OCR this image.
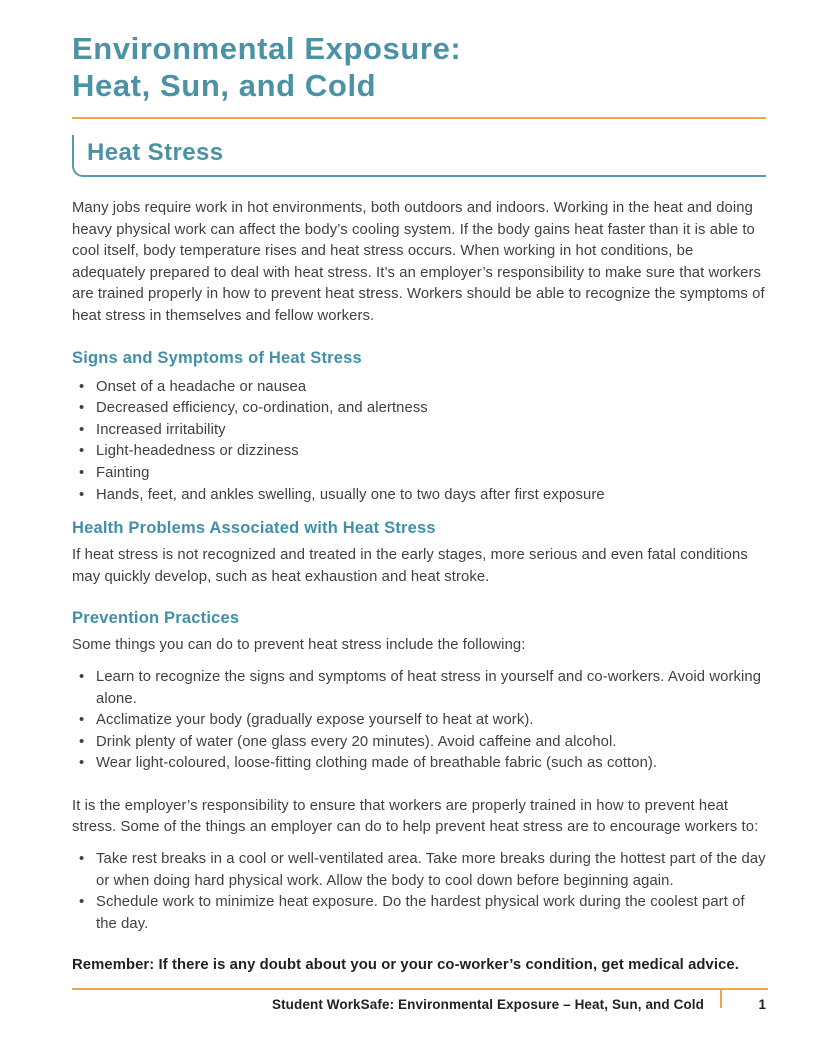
Environmental Exposure:
Heat, Sun, and Cold
Heat Stress

Many jobs require work in hot environments, both outdoors and indoors. Working in the heat and doing heavy physical work can affect the body’s cooling system. If the body gains heat faster than it is able to cool itself, body temperature rises and heat stress occurs. When working in hot conditions, be adequately prepared to deal with heat stress. It’s an employer’s responsibility to make sure that workers are trained properly in how to prevent heat stress. Workers should be able to recognize the symptoms of heat stress in themselves and fellow workers.

Signs and Symptoms of Heat Stress
• Onset of a headache or nausea
• Decreased efficiency, co-ordination, and alertness
• Increased irritability
• Light-headedness or dizziness
• Fainting
• Hands, feet, and ankles swelling, usually one to two days after first exposure
Health Problems Associated with Heat Stress

If heat stress is not recognized and treated in the early stages, more serious and even fatal conditions may quickly develop, such as heat exhaustion and heat stroke.

Prevention Practices

Some things you can do to prevent heat stress include the following:

• Learn to recognize the signs and symptoms of heat stress in yourself and co-workers. Avoid working alone.
• Acclimatize your body (gradually expose yourself to heat at work).
• Drink plenty of water (one glass every 20 minutes). Avoid caffeine and alcohol.
• Wear light-coloured, loose-fitting clothing made of breathable fabric (such as cotton).

It is the employer’s responsibility to ensure that workers are properly trained in how to prevent heat stress. Some of the things an employer can do to help prevent heat stress are to encourage workers to:

• Take rest breaks in a cool or well-ventilated area. Take more breaks during the hottest part of the day or when doing hard physical work. Allow the body to cool down before beginning again.
• Schedule work to minimize heat exposure. Do the hardest physical work during the coolest part of the day.

Remember: If there is any doubt about you or your co-worker’s condition, get medical advice.

Student WorkSafe: Environmental Exposure – Heat, Sun, and Cold	1
